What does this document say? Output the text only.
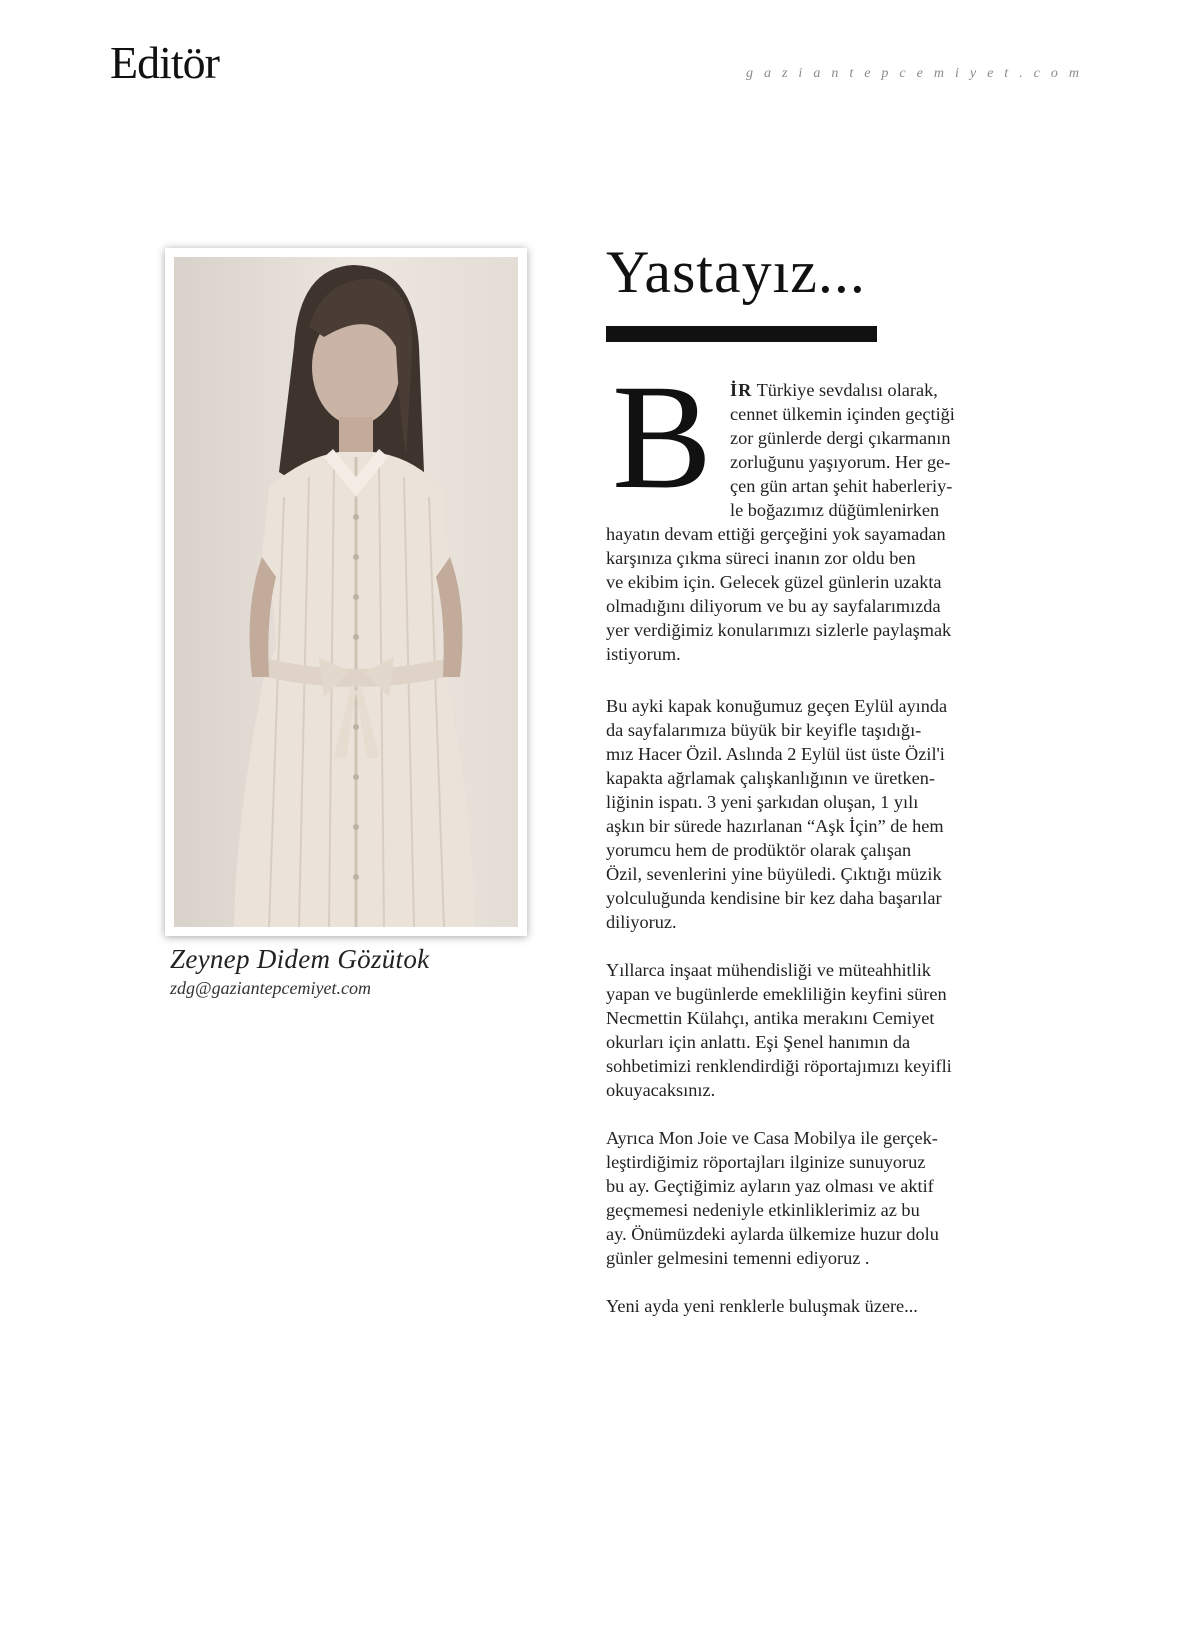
Editör	gaziantepcemiyet.com
Zeynep Didem Gözütok
zdg@gaziantepcemiyet.com
Yastayız...
B İR Türkiye sevdalısı olarak,
cennet ülkemin içinden geçtiği
zor günlerde dergi çıkarmanın
zorluğunu yaşıyorum. Her ge-
çen gün artan şehit haberleriy-
le boğazımız düğümlenirken

hayatın devam ettiği gerçeğini yok sayamadan
karşınıza çıkma süreci inanın zor oldu ben
ve ekibim için. Gelecek güzel günlerin uzakta
olmadığını diliyorum ve bu ay sayfalarımızda
yer verdiğimiz konularımızı sizlerle paylaşmak
istiyorum.

Bu ayki kapak konuğumuz geçen Eylül ayında
da sayfalarımıza büyük bir keyifle taşıdığı-
mız Hacer Özil. Aslında 2 Eylül üst üste Özil'i
kapakta ağrlamak çalışkanlığının ve üretken-
liğinin ispatı. 3 yeni şarkıdan oluşan, 1 yılı
aşkın bir sürede hazırlanan “Aşk İçin” de hem
yorumcu hem de prodüktör olarak çalışan
Özil, sevenlerini yine büyüledi. Çıktığı müzik
yolculuğunda kendisine bir kez daha başarılar
diliyoruz.

Yıllarca inşaat mühendisliği ve müteahhitlik
yapan ve bugünlerde emekliliğin keyfini süren
Necmettin Külahçı, antika merakını Cemiyet
okurları için anlattı. Eşi Şenel hanımın da
sohbetimizi renklendirdiği röportajımızı keyifli
okuyacaksınız.

Ayrıca Mon Joie ve Casa Mobilya ile gerçek-
leştirdiğimiz röportajları ilginize sunuyoruz
bu ay. Geçtiğimiz ayların yaz olması ve aktif
geçmemesi nedeniyle etkinliklerimiz az bu
ay. Önümüzdeki aylarda ülkemize huzur dolu
günler gelmesini temenni ediyoruz .

Yeni ayda yeni renklerle buluşmak üzere...
